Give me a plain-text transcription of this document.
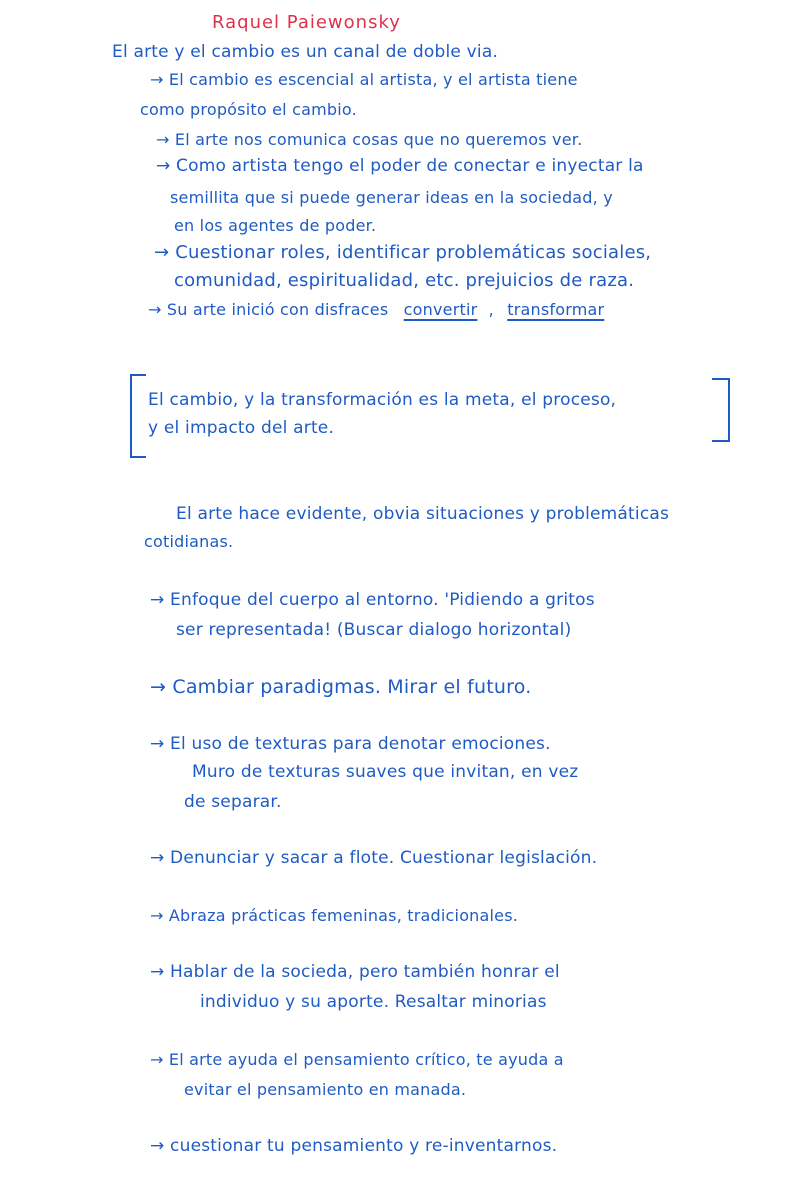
Raquel Paiewonsky
El arte y el cambio es un canal de doble via.
→ El cambio es escencial al artista, y el artista tiene
como propósito el cambio.
→ El arte nos comunica cosas que no queremos ver.
→ Como artista tengo el poder de conectar e inyectar la
semillita que si puede generar ideas en la sociedad, y
en los agentes de poder.
→ Cuestionar roles, identificar problemáticas sociales,
comunidad, espiritualidad, etc. prejuicios de raza.
→ Su arte inició con disfraces convertir , transformar
El cambio, y la transformación es la meta, el proceso,
y el impacto del arte.
El arte hace evidente, obvia situaciones y problemáticas
cotidianas.
→ Enfoque del cuerpo al entorno. 'Pidiendo a gritos
ser representada! (Buscar dialogo horizontal)
→ Cambiar paradigmas. Mirar el futuro.
→ El uso de texturas para denotar emociones.
Muro de texturas suaves que invitan, en vez
de separar.
→ Denunciar y sacar a flote. Cuestionar legislación.
→ Abraza prácticas femeninas, tradicionales.
→ Hablar de la socieda, pero también honrar el
individuo y su aporte. Resaltar minorias
→ El arte ayuda el pensamiento crítico, te ayuda a
evitar el pensamiento en manada.
→ cuestionar tu pensamiento y re-inventarnos.
